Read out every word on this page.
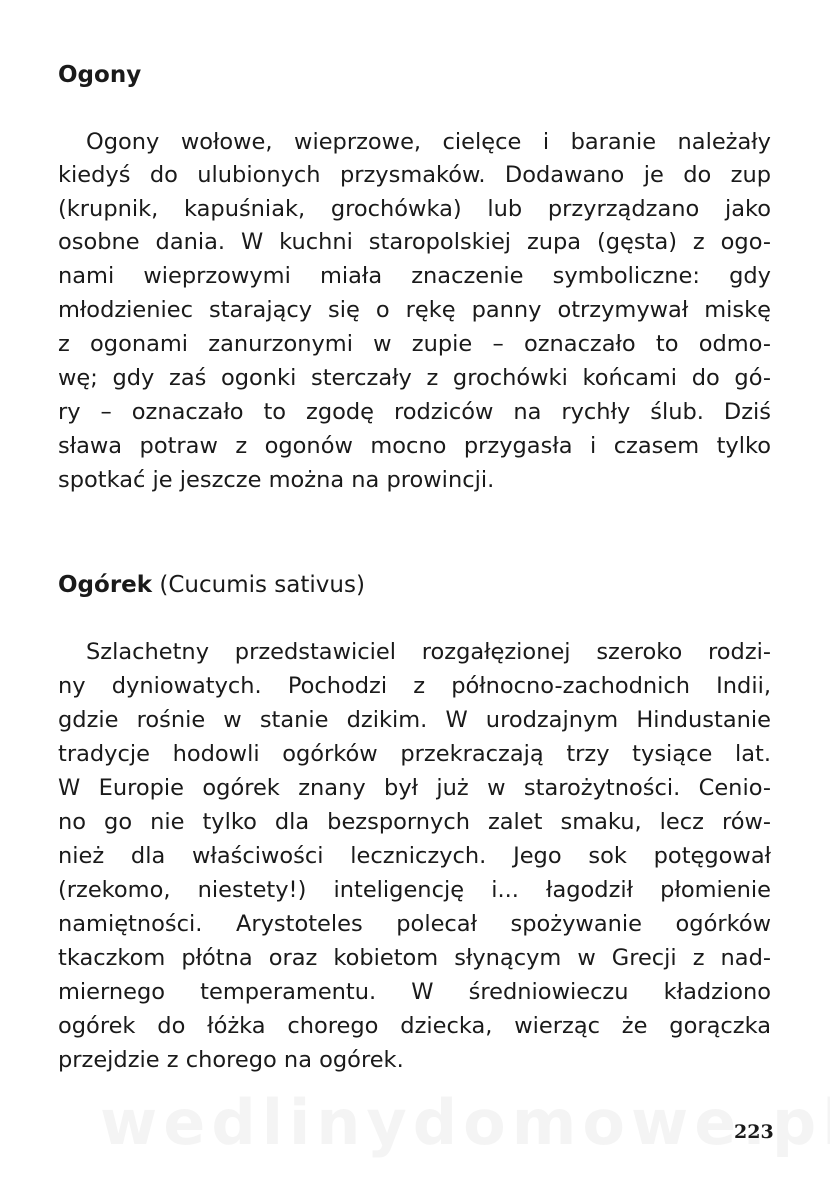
Ogony
Ogony wołowe, wieprzowe, cielęce i baranie należały
kiedyś do ulubionych przysmaków. Dodawano je do zup
(krupnik, kapuśniak, grochówka) lub przyrządzano jako
osobne dania. W kuchni staropolskiej zupa (gęsta) z ogo-
nami wieprzowymi miała znaczenie symboliczne: gdy
młodzieniec starający się o rękę panny otrzymywał miskę
z ogonami zanurzonymi w zupie – oznaczało to odmo-
wę; gdy zaś ogonki sterczały z grochówki końcami do gó-
ry – oznaczało to zgodę rodziców na rychły ślub. Dziś
sława potraw z ogonów mocno przygasła i czasem tylko
spotkać je jeszcze można na prowincji.
Ogórek (Cucumis sativus)
Szlachetny przedstawiciel rozgałęzionej szeroko rodzi-
ny dyniowatych. Pochodzi z północno-zachodnich Indii,
gdzie rośnie w stanie dzikim. W urodzajnym Hindustanie
tradycje hodowli ogórków przekraczają trzy tysiące lat.
W Europie ogórek znany był już w starożytności. Cenio-
no go nie tylko dla bezspornych zalet smaku, lecz rów-
nież dla właściwości leczniczych. Jego sok potęgował
(rzekomo, niestety!) inteligencję i... łagodził płomienie
namiętności. Arystoteles polecał spożywanie ogórków
tkaczkom płótna oraz kobietom słynącym w Grecji z nad-
miernego temperamentu. W średniowieczu kładziono
ogórek do łóżka chorego dziecka, wierząc że gorączka
przejdzie z chorego na ogórek.
223
